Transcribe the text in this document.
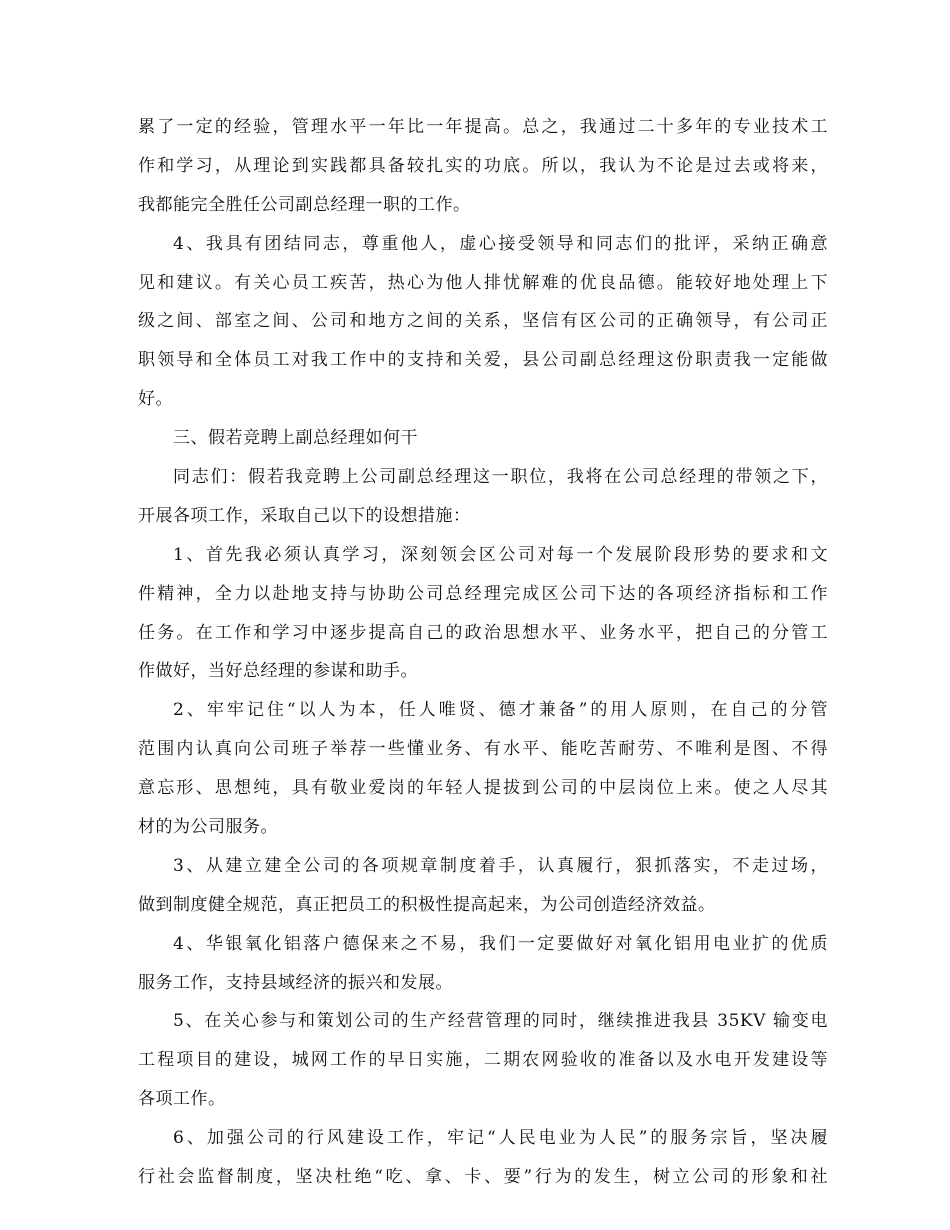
累了一定的经验，管理水平一年比一年提高。总之，我通过二十多年的专业技术工
作和学习，从理论到实践都具备较扎实的功底。所以，我认为不论是过去或将来，
我都能完全胜任公司副总经理一职的工作。
4、我具有团结同志，尊重他人，虚心接受领导和同志们的批评，采纳正确意
见和建议。有关心员工疾苦，热心为他人排忧解难的优良品德。能较好地处理上下
级之间、部室之间、公司和地方之间的关系，坚信有区公司的正确领导，有公司正
职领导和全体员工对我工作中的支持和关爱，县公司副总经理这份职责我一定能做
好。
三、假若竞聘上副总经理如何干
同志们：假若我竞聘上公司副总经理这一职位，我将在公司总经理的带领之下，
开展各项工作，采取自己以下的设想措施：
1、首先我必须认真学习，深刻领会区公司对每一个发展阶段形势的要求和文
件精神，全力以赴地支持与协助公司总经理完成区公司下达的各项经济指标和工作
任务。在工作和学习中逐步提高自己的政治思想水平、业务水平，把自己的分管工
作做好，当好总经理的参谋和助手。
2、牢牢记住“以人为本，任人唯贤、德才兼备”的用人原则，在自己的分管
范围内认真向公司班子举荐一些懂业务、有水平、能吃苦耐劳、不唯利是图、不得
意忘形、思想纯，具有敬业爱岗的年轻人提拔到公司的中层岗位上来。使之人尽其
材的为公司服务。
3、从建立建全公司的各项规章制度着手，认真履行，狠抓落实，不走过场，
做到制度健全规范，真正把员工的积极性提高起来，为公司创造经济效益。
4、华银氧化铝落户德保来之不易，我们一定要做好对氧化铝用电业扩的优质
服务工作，支持县域经济的振兴和发展。
5、在关心参与和策划公司的生产经营管理的同时，继续推进我县 35KV 输变电
工程项目的建设，城网工作的早日实施，二期农网验收的准备以及水电开发建设等
各项工作。
6、加强公司的行风建设工作，牢记“人民电业为人民”的服务宗旨，坚决履
行社会监督制度，坚决杜绝“吃、拿、卡、要”行为的发生，树立公司的形象和社
